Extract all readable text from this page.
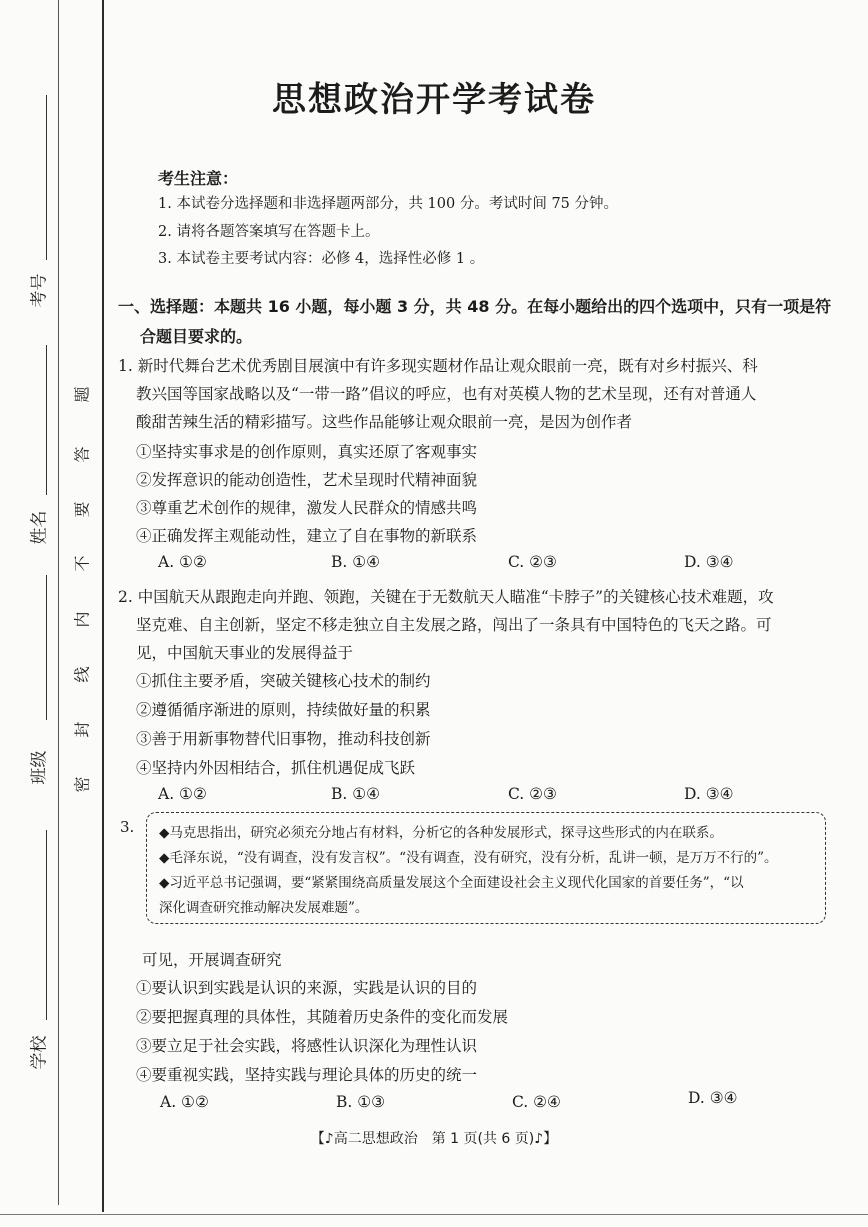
考号
姓名
班级
学校
题
答
要
不
内
线
封
密
思想政治开学考试卷
考生注意：
1. 本试卷分选择题和非选择题两部分，共 100 分。考试时间 75 分钟。
2. 请将各题答案填写在答题卡上。
3. 本试卷主要考试内容：必修 4，选择性必修 1 。
一、选择题：本题共 16 小题，每小题 3 分，共 48 分。在每小题给出的四个选项中，只有一项是符
合题目要求的。
1. 新时代舞台艺术优秀剧目展演中有许多现实题材作品让观众眼前一亮，既有对乡村振兴、科
教兴国等国家战略以及“一带一路”倡议的呼应，也有对英模人物的艺术呈现，还有对普通人
酸甜苦辣生活的精彩描写。这些作品能够让观众眼前一亮，是因为创作者
①坚持实事求是的创作原则，真实还原了客观事实
②发挥意识的能动创造性，艺术呈现时代精神面貌
③尊重艺术创作的规律，激发人民群众的情感共鸣
④正确发挥主观能动性，建立了自在事物的新联系
A. ①②	B. ①④	C. ②③	D. ③④
2. 中国航天从跟跑走向并跑、领跑，关键在于无数航天人瞄准“卡脖子”的关键核心技术难题，攻
坚克难、自主创新，坚定不移走独立自主发展之路，闯出了一条具有中国特色的飞天之路。可
见，中国航天事业的发展得益于
①抓住主要矛盾，突破关键核心技术的制约
②遵循循序渐进的原则，持续做好量的积累
③善于用新事物替代旧事物，推动科技创新
④坚持内外因相结合，抓住机遇促成飞跃
A. ①②	B. ①④	C. ②③	D. ③④
3. ◆马克思指出，研究必须充分地占有材料，分析它的各种发展形式，探寻这些形式的内在联系。
◆毛泽东说，“没有调查，没有发言权”。“没有调查，没有研究，没有分析，乱讲一顿，是万万不行的”。
◆习近平总书记强调，要“紧紧围绕高质量发展这个全面建设社会主义现代化国家的首要任务”，“以
深化调查研究推动解决发展难题”。
可见，开展调查研究
①要认识到实践是认识的来源，实践是认识的目的
②要把握真理的具体性，其随着历史条件的变化而发展
③要立足于社会实践，将感性认识深化为理性认识
④要重视实践，坚持实践与理论具体的历史的统一
A. ①②	B. ①③	C. ②④	D. ③④
【♪高二思想政治　第 1 页(共 6 页)♪】
